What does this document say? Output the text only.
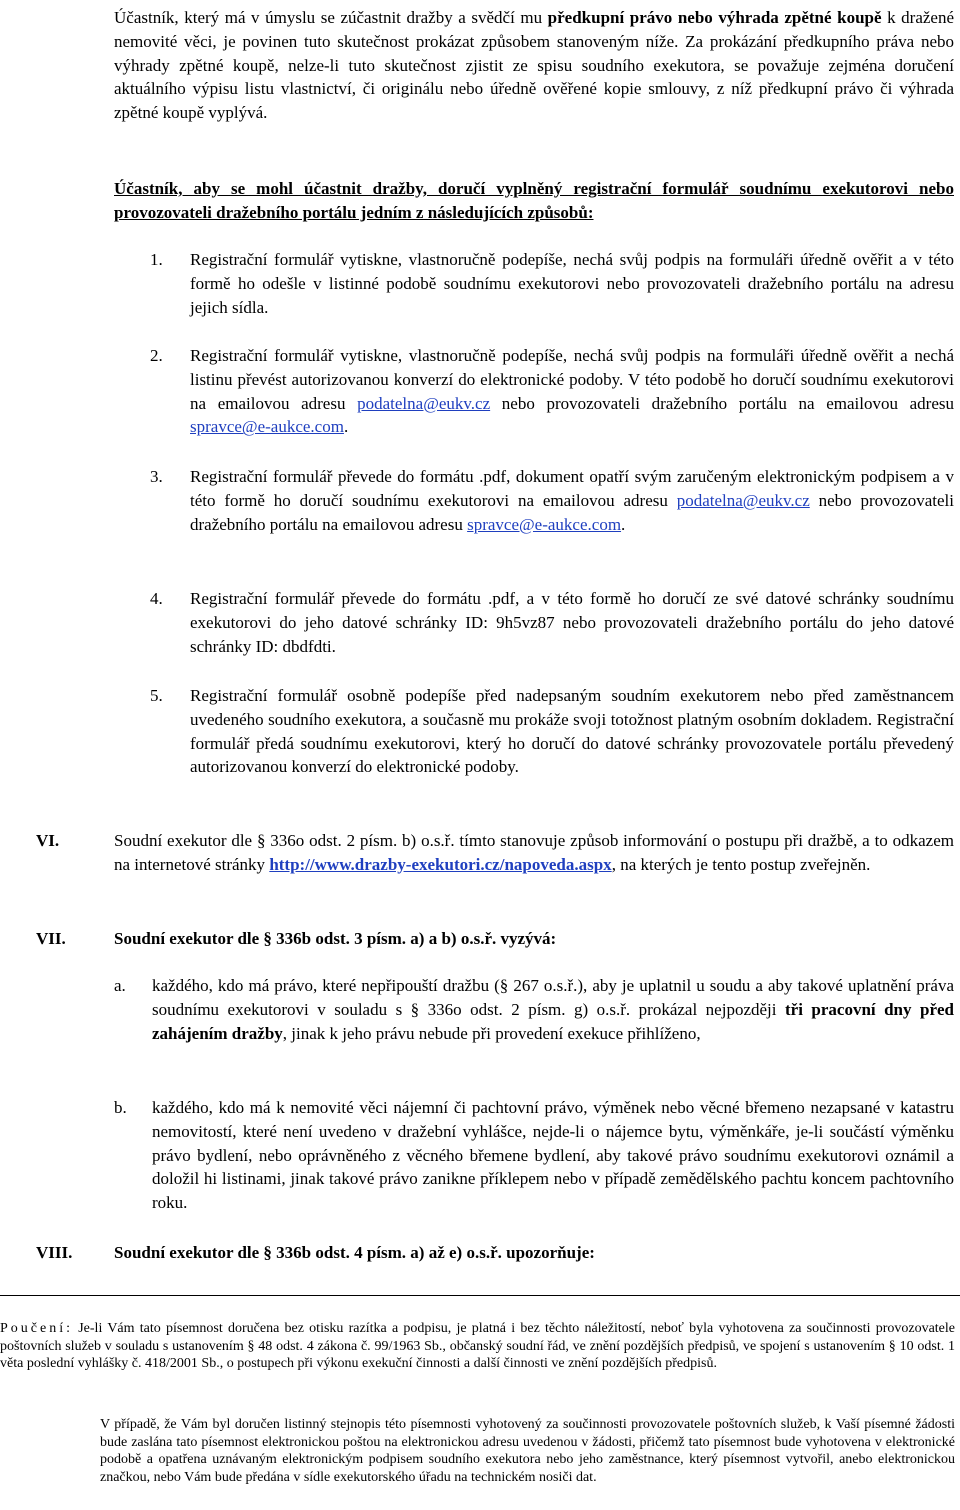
Účastník, který má v úmyslu se zúčastnit dražby a svědčí mu předkupní právo nebo výhrada zpětné koupě k dražené nemovité věci, je povinen tuto skutečnost prokázat způsobem stanoveným níže. Za prokázání předkupního práva nebo výhrady zpětné koupě, nelze-li tuto skutečnost zjistit ze spisu soudního exekutora, se považuje zejména doručení aktuálního výpisu listu vlastnictví, či originálu nebo úředně ověřené kopie smlouvy, z níž předkupní právo či výhrada zpětné koupě vyplývá.
Účastník, aby se mohl účastnit dražby, doručí vyplněný registrační formulář soudnímu exekutorovi nebo provozovateli dražebního portálu jedním z následujících způsobů:
1. Registrační formulář vytiskne, vlastnoručně podepíše, nechá svůj podpis na formuláři úředně ověřit a v této formě ho odešle v listinné podobě soudnímu exekutorovi nebo provozovateli dražebního portálu na adresu jejich sídla.
2. Registrační formulář vytiskne, vlastnoručně podepíše, nechá svůj podpis na formuláři úředně ověřit a nechá listinu převést autorizovanou konverzí do elektronické podoby. V této podobě ho doručí soudnímu exekutorovi na emailovou adresu podatelna@eukv.cz nebo provozovateli dražebního portálu na emailovou adresu spravce@e-aukce.com.
3. Registrační formulář převede do formátu .pdf, dokument opatří svým zaručeným elektronickým podpisem a v této formě ho doručí soudnímu exekutorovi na emailovou adresu podatelna@eukv.cz nebo provozovateli dražebního portálu na emailovou adresu spravce@e-aukce.com.
4. Registrační formulář převede do formátu .pdf, a v této formě ho doručí ze své datové schránky soudnímu exekutorovi do jeho datové schránky ID: 9h5vz87 nebo provozovateli dražebního portálu do jeho datové schránky ID: dbdfdti.
5. Registrační formulář osobně podepíše před nadepsaným soudním exekutorem nebo před zaměstnancem uvedeného soudního exekutora, a současně mu prokáže svoji totožnost platným osobním dokladem. Registrační formulář předá soudnímu exekutorovi, který ho doručí do datové schránky provozovatele portálu převedený autorizovanou konverzí do elektronické podoby.
VI.	Soudní exekutor dle § 336o odst. 2 písm. b) o.s.ř. tímto stanovuje způsob informování o postupu při dražbě, a to odkazem na internetové stránky http://www.drazby-exekutori.cz/napoveda.aspx, na kterých je tento postup zveřejněn.
VII.	Soudní exekutor dle § 336b odst. 3 písm. a) a b) o.s.ř. vyzývá:
a. každého, kdo má právo, které nepřipouští dražbu (§ 267 o.s.ř.), aby je uplatnil u soudu a aby takové uplatnění práva soudnímu exekutorovi v souladu s § 336o odst. 2 písm. g) o.s.ř. prokázal nejpozději tři pracovní dny před zahájením dražby, jinak k jeho právu nebude při provedení exekuce přihlíženo,
b. každého, kdo má k nemovité věci nájemní či pachtovní právo, výměnek nebo věcné břemeno nezapsané v katastru nemovitostí, které není uvedeno v dražební vyhlášce, nejde-li o nájemce bytu, výměnkáře, je-li součástí výměnku právo bydlení, nebo oprávněného z věcného břemene bydlení, aby takové právo soudnímu exekutorovi oznámil a doložil hi listinami, jinak takové právo zanikne příklepem nebo v případě zemědělského pachtu koncem pachtovního roku.
VIII. Soudní exekutor dle § 336b odst. 4 písm. a) až e) o.s.ř. upozorňuje:
Poučení: Je-li Vám tato písemnost doručena bez otisku razítka a podpisu, je platná i bez těchto náležitostí, neboť byla vyhotovena za součinnosti provozovatele poštovních služeb v souladu s ustanovením § 48 odst. 4 zákona č. 99/1963 Sb., občanský soudní řád, ve znění pozdějších předpisů, ve spojení s ustanovením § 10 odst. 1 věta poslední vyhlášky č. 418/2001 Sb., o postupech při výkonu exekuční činnosti a další činnosti ve znění pozdějších předpisů.
V případě, že Vám byl doručen listinný stejnopis této písemnosti vyhotovený za součinnosti provozovatele poštovních služeb, k Vaší písemné žádosti bude zaslána tato písemnost elektronickou poštou na elektronickou adresu uvedenou v žádosti, přičemž tato písemnost bude vyhotovena v elektronické podobě a opatřena uznávaným elektronickým podpisem soudního exekutora nebo jeho zaměstnance, který písemnost vytvořil, anebo elektronickou značkou, nebo Vám bude předána v sídle exekutorského úřadu na technickém nosiči dat.
